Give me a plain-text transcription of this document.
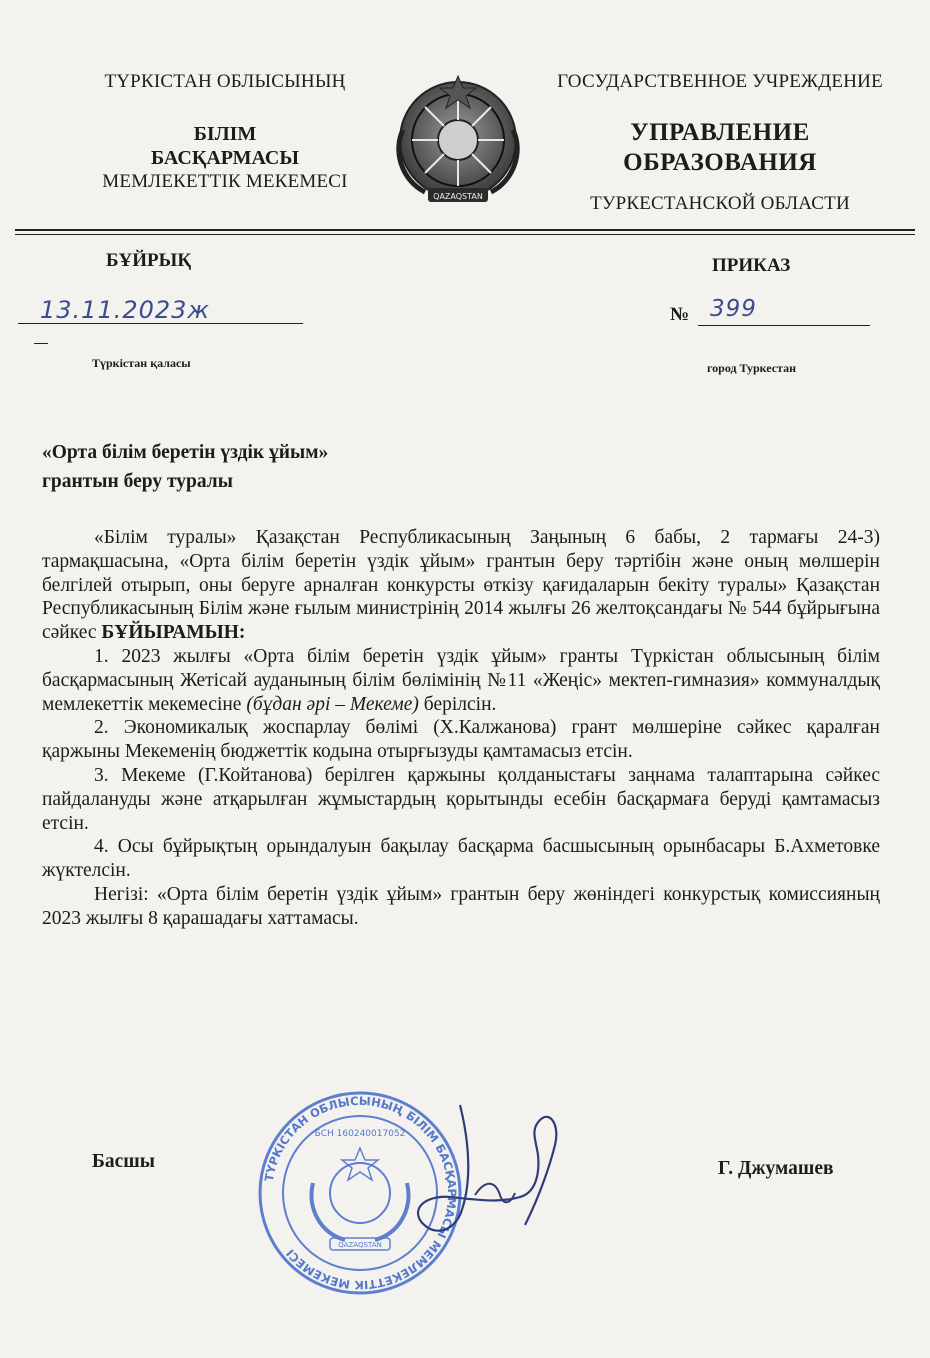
ТҮРКІСТАН ОБЛЫСЫНЫҢ
БІЛІМ
БАСҚАРМАСЫ
МЕМЛЕКЕТТІК МЕКЕМЕСІ
QAZAQSTAN
ГОСУДАРСТВЕННОЕ УЧРЕЖДЕНИЕ
УПРАВЛЕНИЕ
ОБРАЗОВАНИЯ
ТУРКЕСТАНСКОЙ ОБЛАСТИ
БҰЙРЫҚ	ПРИКАЗ
13.11.2023ж	№ 399
Түркістан қаласы	город Туркестан
«Орта білім беретін үздік ұйым»
грантын беру туралы

«Білім туралы» Қазақстан Республикасының Заңының 6 бабы, 2 тармағы 24-3) тармақшасына, «Орта білім беретін үздік ұйым» грантын беру тәртібін және оның мөлшерін белгілей отырып, оны беруге арналған конкурсты өткізу қағидаларын бекіту туралы» Қазақстан Республикасының Білім және ғылым министрінің 2014 жылғы 26 желтоқсандағы № 544 бұйрығына сәйкес БҰЙЫРАМЫН:

1. 2023 жылғы «Орта білім беретін үздік ұйым» гранты Түркістан облысының білім басқармасының Жетісай ауданының білім бөлімінің №11 «Жеңіс» мектеп-гимназия» коммуналдық мемлекеттік мекемесіне (бұдан әрі – Мекеме) берілсін.

2. Экономикалық жоспарлау бөлімі (Х.Калжанова) грант мөлшеріне сәйкес қаралған қаржыны Мекеменің бюджеттік кодына отырғызуды қамтамасыз етсін.

3. Мекеме (Г.Койтанова) берілген қаржыны қолданыстағы заңнама талаптарына сәйкес пайдалануды және атқарылған жұмыстардың қорытынды есебін басқармаға беруді қамтамасыз етсін.

4. Осы бұйрықтың орындалуын бақылау басқарма басшысының орынбасары Б.Ахметовке жүктелсін.

Негізі: «Орта білім беретін үздік ұйым» грантын беру жөніндегі конкурстық комиссияның 2023 жылғы 8 қарашадағы хаттамасы.

ТҮРКІСТАН ОБЛЫСЫНЫҢ БІЛІМ БАСҚАРМАСЫ МЕМЛЕКЕТТІК МЕКЕМЕСІ
БСН 160240017052
QAZAQSTAN
Басшы	Г. Джумашев
